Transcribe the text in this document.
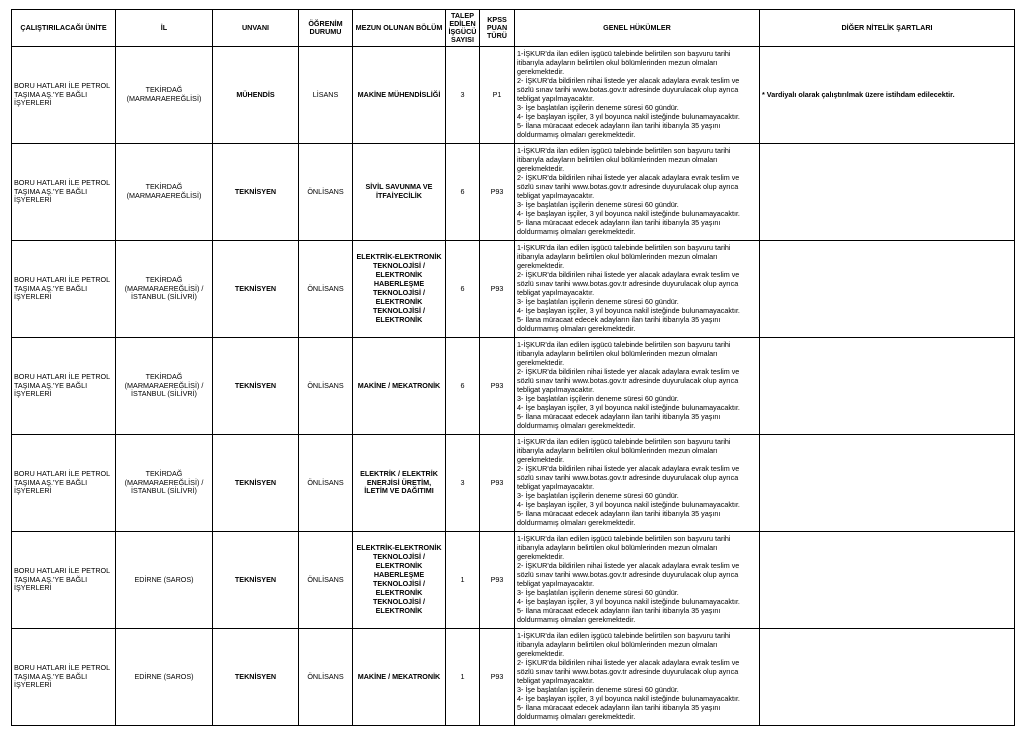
ÇALIŞTIRILACAĞI ÜNİTE	İL	UNVANI	ÖĞRENİM DURUMU	MEZUN OLUNAN BÖLÜM	TALEP EDİLEN İŞGÜCÜ SAYISI	KPSS PUAN TÜRÜ	GENEL HÜKÜMLER	DİĞER NİTELİK ŞARTLARI
BORU HATLARI İLE PETROL TAŞIMA AŞ.'YE BAĞLI İŞYERLERİ	TEKİRDAĞ (MARMARAEREĞLİSİ)	MÜHENDİS	LİSANS	MAKİNE MÜHENDİSLİĞİ	3	P1	1-İŞKUR'da ilan edilen işgücü talebinde belirtilen son başvuru tarihi itibarıyla adayların belirtilen okul bölümlerinden mezun olmaları gerekmektedir.
2- İŞKUR'da bildirilen nihai listede yer alacak adaylara evrak teslim ve sözlü sınav tarihi www.botas.gov.tr adresinde duyurulacak olup ayrıca tebligat yapılmayacaktır.
3- İşe başlatılan işçilerin deneme süresi 60 gündür.
4- İşe başlayan işçiler, 3 yıl boyunca nakil isteğinde bulunamayacaktır.
5- İlana müracaat edecek adayların ilan tarihi itibarıyla 35 yaşını doldurmamış olmaları gerekmektedir.	* Vardiyalı olarak çalıştırılmak üzere istihdam edilecektir.
BORU HATLARI İLE PETROL TAŞIMA AŞ.'YE BAĞLI İŞYERLERİ	TEKİRDAĞ (MARMARAEREĞLİSİ)	TEKNİSYEN	ÖNLİSANS	SİVİL SAVUNMA VE İTFAİYECİLİK	6	P93	1-İŞKUR'da ilan edilen işgücü talebinde belirtilen son başvuru tarihi itibarıyla adayların belirtilen okul bölümlerinden mezun olmaları gerekmektedir.
2- İŞKUR'da bildirilen nihai listede yer alacak adaylara evrak teslim ve sözlü sınav tarihi www.botas.gov.tr adresinde duyurulacak olup ayrıca tebligat yapılmayacaktır.
3- İşe başlatılan işçilerin deneme süresi 60 gündür.
4- İşe başlayan işçiler, 3 yıl boyunca nakil isteğinde bulunamayacaktır.
5- İlana müracaat edecek adayların ilan tarihi itibarıyla 35 yaşını doldurmamış olmaları gerekmektedir.	

BORU HATLARI İLE PETROL TAŞIMA AŞ.'YE BAĞLI İŞYERLERİ	TEKİRDAĞ (MARMARAEREĞLİSİ) / İSTANBUL (SİLİVRİ)	TEKNİSYEN	ÖNLİSANS	ELEKTRİK-ELEKTRONİK TEKNOLOJİSİ / ELEKTRONİK HABERLEŞME TEKNOLOJİSİ / ELEKTRONİK TEKNOLOJİSİ / ELEKTRONİK	6	P93	1-İŞKUR'da ilan edilen işgücü talebinde belirtilen son başvuru tarihi itibarıyla adayların belirtilen okul bölümlerinden mezun olmaları gerekmektedir.
2- İŞKUR'da bildirilen nihai listede yer alacak adaylara evrak teslim ve sözlü sınav tarihi www.botas.gov.tr adresinde duyurulacak olup ayrıca tebligat yapılmayacaktır.
3- İşe başlatılan işçilerin deneme süresi 60 gündür.
4- İşe başlayan işçiler, 3 yıl boyunca nakil isteğinde bulunamayacaktır.
5- İlana müracaat edecek adayların ilan tarihi itibarıyla 35 yaşını doldurmamış olmaları gerekmektedir.	

BORU HATLARI İLE PETROL TAŞIMA AŞ.'YE BAĞLI İŞYERLERİ	TEKİRDAĞ (MARMARAEREĞLİSİ) / İSTANBUL (SİLİVRİ)	TEKNİSYEN	ÖNLİSANS	MAKİNE / MEKATRONİK	6	P93	1-İŞKUR'da ilan edilen işgücü talebinde belirtilen son başvuru tarihi itibarıyla adayların belirtilen okul bölümlerinden mezun olmaları gerekmektedir.
2- İŞKUR'da bildirilen nihai listede yer alacak adaylara evrak teslim ve sözlü sınav tarihi www.botas.gov.tr adresinde duyurulacak olup ayrıca tebligat yapılmayacaktır.
3- İşe başlatılan işçilerin deneme süresi 60 gündür.
4- İşe başlayan işçiler, 3 yıl boyunca nakil isteğinde bulunamayacaktır.
5- İlana müracaat edecek adayların ilan tarihi itibarıyla 35 yaşını doldurmamış olmaları gerekmektedir.	

BORU HATLARI İLE PETROL TAŞIMA AŞ.'YE BAĞLI İŞYERLERİ	TEKİRDAĞ (MARMARAEREĞLİSİ) / İSTANBUL (SİLİVRİ)	TEKNİSYEN	ÖNLİSANS	ELEKTRİK / ELEKTRİK ENERJİSİ ÜRETİM, İLETİM VE DAĞITIMI	3	P93	1-İŞKUR'da ilan edilen işgücü talebinde belirtilen son başvuru tarihi itibarıyla adayların belirtilen okul bölümlerinden mezun olmaları gerekmektedir.
2- İŞKUR'da bildirilen nihai listede yer alacak adaylara evrak teslim ve sözlü sınav tarihi www.botas.gov.tr adresinde duyurulacak olup ayrıca tebligat yapılmayacaktır.
3- İşe başlatılan işçilerin deneme süresi 60 gündür.
4- İşe başlayan işçiler, 3 yıl boyunca nakil isteğinde bulunamayacaktır.
5- İlana müracaat edecek adayların ilan tarihi itibarıyla 35 yaşını doldurmamış olmaları gerekmektedir.	

BORU HATLARI İLE PETROL TAŞIMA AŞ.'YE BAĞLI İŞYERLERİ	EDİRNE (SAROS)	TEKNİSYEN	ÖNLİSANS	ELEKTRİK-ELEKTRONİK TEKNOLOJİSİ / ELEKTRONİK HABERLEŞME TEKNOLOJİSİ / ELEKTRONİK TEKNOLOJİSİ / ELEKTRONİK	1	P93	1-İŞKUR'da ilan edilen işgücü talebinde belirtilen son başvuru tarihi itibarıyla adayların belirtilen okul bölümlerinden mezun olmaları gerekmektedir.
2- İŞKUR'da bildirilen nihai listede yer alacak adaylara evrak teslim ve sözlü sınav tarihi www.botas.gov.tr adresinde duyurulacak olup ayrıca tebligat yapılmayacaktır.
3- İşe başlatılan işçilerin deneme süresi 60 gündür.
4- İşe başlayan işçiler, 3 yıl boyunca nakil isteğinde bulunamayacaktır.
5- İlana müracaat edecek adayların ilan tarihi itibarıyla 35 yaşını doldurmamış olmaları gerekmektedir.	

BORU HATLARI İLE PETROL TAŞIMA AŞ.'YE BAĞLI İŞYERLERİ	EDİRNE (SAROS)	TEKNİSYEN	ÖNLİSANS	MAKİNE / MEKATRONİK	1	P93	1-İŞKUR'da ilan edilen işgücü talebinde belirtilen son başvuru tarihi itibarıyla adayların belirtilen okul bölümlerinden mezun olmaları gerekmektedir.
2- İŞKUR'da bildirilen nihai listede yer alacak adaylara evrak teslim ve sözlü sınav tarihi www.botas.gov.tr adresinde duyurulacak olup ayrıca tebligat yapılmayacaktır.
3- İşe başlatılan işçilerin deneme süresi 60 gündür.
4- İşe başlayan işçiler, 3 yıl boyunca nakil isteğinde bulunamayacaktır.
5- İlana müracaat edecek adayların ilan tarihi itibarıyla 35 yaşını doldurmamış olmaları gerekmektedir.	
